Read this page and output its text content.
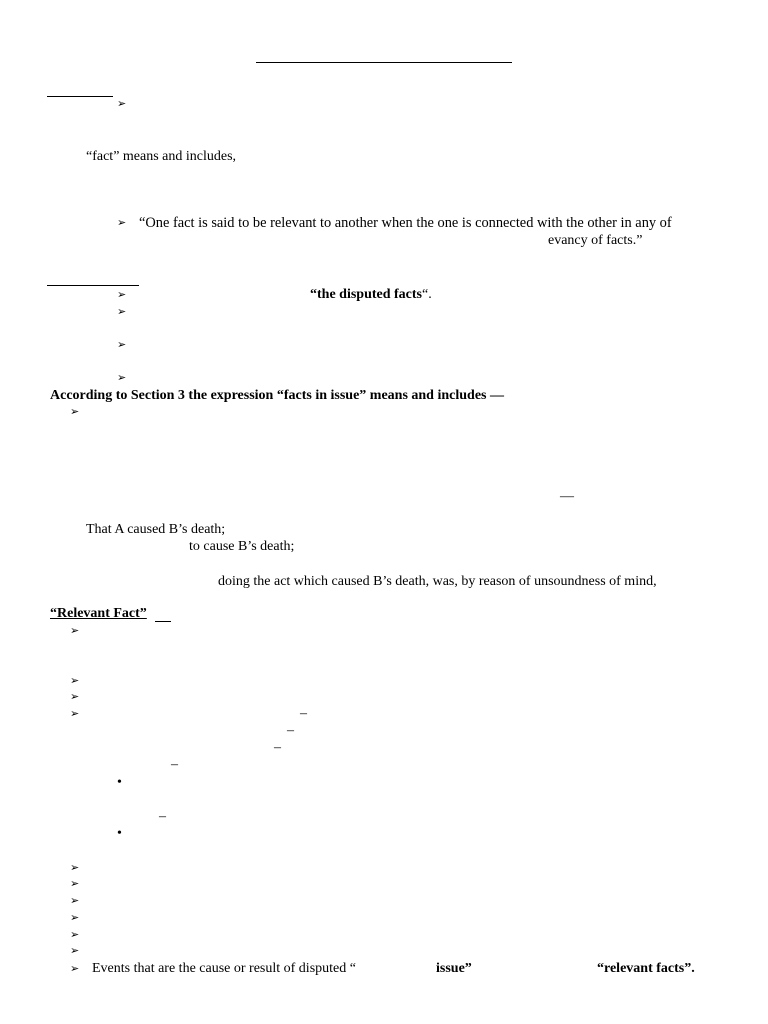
➢
“fact” means and includes,
➢ “One fact is said to be relevant to another when the one is connected with the other in any of
evancy of facts.”
➢	“the disputed facts“.
➢
➢
➢
According to Section 3 the expression “facts in issue” means and includes —
➢
—
That A caused B’s death;
to cause B’s death;
doing the act which caused B’s death, was, by reason of unsoundness of mind,
“Relevant Fact”
➢
➢
➢
➢	–
–
–
–
•
–
•
➢
➢
➢
➢
➢
➢
➢ Events that are the cause or result of disputed “	issue”	“relevant facts”.
